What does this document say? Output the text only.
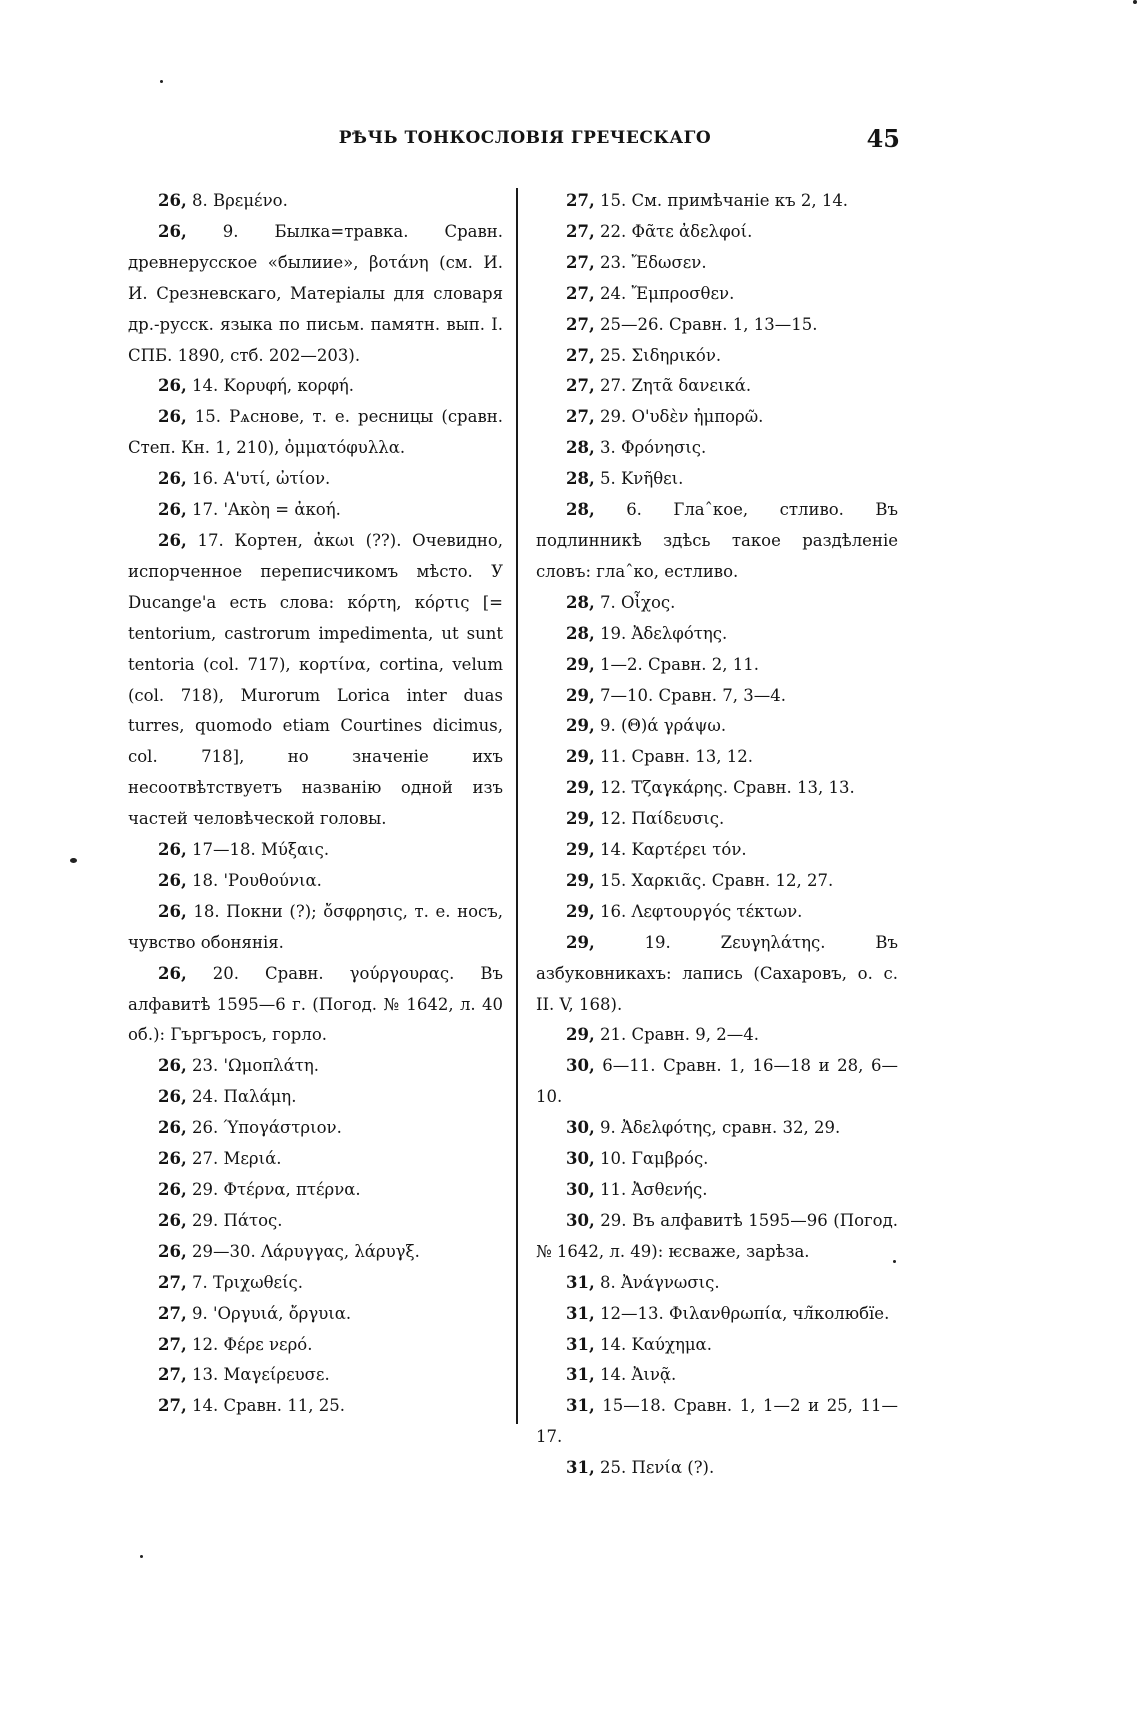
РѢЧЬ ТОНКОСЛОВІЯ ГРЕЧЕСКАГО	45

26, 8. Βρεμένο.

26, 9. Былка=травка. Сравн. древнерусское «былиие», βοτάνη (см. И. И. Срезневскаго, Матеріалы для словаря др.-русск. языка по письм. памятн. вып. I. СПБ. 1890, стб. 202—203).

26, 14. Κορυφή, κορφή.

26, 15. Ρѧснове, т. е. ресницы (сравн. Степ. Кн. 1, 210), ὀμματόφυλλα.

26, 16. Α'υτί, ὠτίον.

26, 17. 'Ακὸη = ἀκοή.

26, 17. Кортен, ἀκωι (??). Очевидно, испорченное переписчикомъ мѣсто. У Ducange'a есть слова: κόρτη, κόρτις [= tentorium, castrorum impedimenta, ut sunt tentoria (col. 717), κορτίνα, cortina, velum (col. 718), Murorum Lorica inter duas turres, quomodo etiam Courtines dicimus, col. 718], но значеніе ихъ несоотвѣтствуетъ названію одной изъ частей человѣческой головы.

26, 17—18. Μύξαις.

26, 18. 'Ρουθούνια.

26, 18. Покни (?); ὄσφρησις, т. е. носъ, чувство обонянія.

26, 20. Сравн. γούργουρας. Въ алфавитѣ 1595—6 г. (Погод. № 1642, л. 40 об.): Гъргъросъ, горло.

26, 23. 'Ωμοπλάτη.

26, 24. Παλάμη.

26, 26. Ύπογάστριον.

26, 27. Μεριά.

26, 29. Φτέρνα, πτέρνα.

26, 29. Πάτος.

26, 29—30. Λάρυγγας, λάρυγξ.

27, 7. Τριχωθείς.

27, 9. 'Οργυιά, ὄργυια.

27, 12. Φέρε νερό.

27, 13. Μαγείρευσε.

27, 14. Сравн. 11, 25.

27, 15. См. примѣчаніе къ 2, 14.

27, 22. Φᾶτε ἀδελφοί.

27, 23. Ἔδωσεν.

27, 24. Ἔμπροσθεν.

27, 25—26. Сравн. 1, 13—15.

27, 25. Σιδηρικόν.

27, 27. Ζητᾶ δανεικά.

27, 29. Ο'υδὲν ἠμπορῶ.

28, 3. Φρόνησις.

28, 5. Κνῆθει.

28, 6. Глаˆкое, стливо. Въ подлинникѣ здѣсь такое раздѣленіе словъ: глаˆко, естливо.

28, 7. Οἶχος.

28, 19. Ἀδελφότης.

29, 1—2. Сравн. 2, 11.

29, 7—10. Сравн. 7, 3—4.

29, 9. (Θ)ά γράψω.

29, 11. Сравн. 13, 12.

29, 12. Τζαγκάρης. Сравн. 13, 13.

29, 12. Παίδευσις.

29, 14. Καρτέρει τόν.

29, 15. Χαρκιᾶς. Сравн. 12, 27.

29, 16. Λεφτουργός τέκτων.

29,	19. Ζευγηλάτης. Въ азбуковникахъ: лапись (Сахаровъ, о. с. II. V, 168).

29, 21. Сравн. 9, 2—4.

30, 6—11. Сравн. 1, 16—18 и 28, 6—10.

30, 9. Ἀδελφότης, сравн. 32, 29.

30, 10. Γαμβρός.

30, 11. Ἀσθενής.

30, 29. Въ алфавитѣ 1595—96 (Погод. № 1642, л. 49): ѥсваже, зарѣза.

31, 8. Ἀνάγνωσις.

31, 12—13. Φιλανθρωπία, чл̃колюбїе.

31, 14. Καύχημα.

31, 14. Ἀινᾷ.

31, 15—18. Сравн. 1, 1—2 и 25, 11—17.

31, 25. Πενία (?).
